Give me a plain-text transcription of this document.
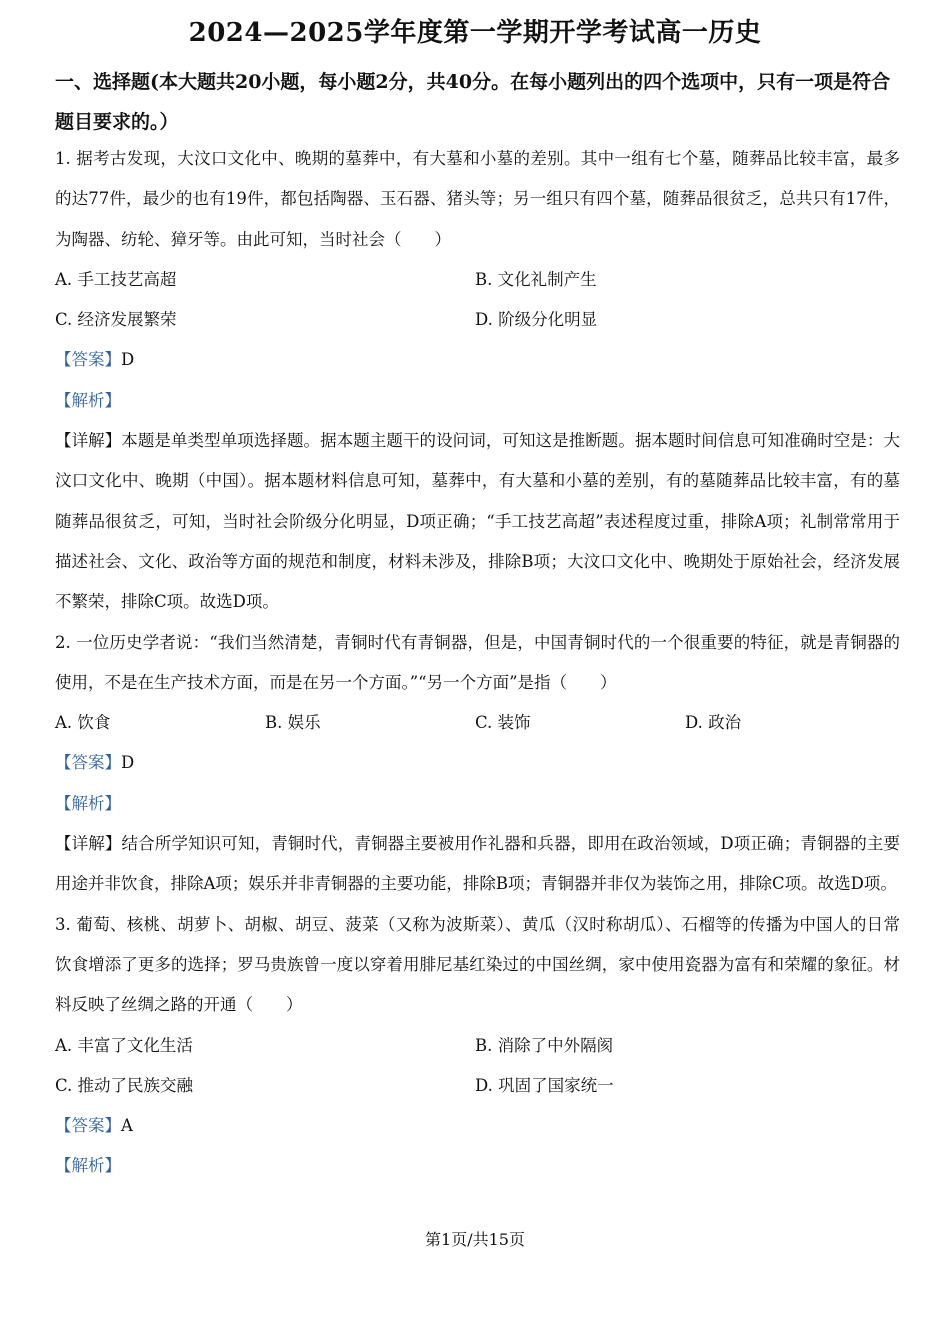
2024—2025学年度第一学期开学考试高一历史
一、选择题(本大题共20小题，每小题2分，共40分。在每小题列出的四个选项中，只有一项是符合题目要求的。）

1. 据考古发现，大汶口文化中、晚期的墓葬中，有大墓和小墓的差别。其中一组有七个墓，随葬品比较丰富，最多的达77件，最少的也有19件，都包括陶器、玉石器、猪头等；另一组只有四个墓，随葬品很贫乏，总共只有17件，为陶器、纺轮、獐牙等。由此可知，当时社会（　　）

A. 手工技艺高超	B. 文化礼制产生
C. 经济发展繁荣	D. 阶级分化明显

【答案】D

【解析】

【详解】本题是单类型单项选择题。据本题主题干的设问词，可知这是推断题。据本题时间信息可知准确时空是：大汶口文化中、晚期（中国）。据本题材料信息可知，墓葬中，有大墓和小墓的差别，有的墓随葬品比较丰富，有的墓随葬品很贫乏，可知，当时社会阶级分化明显，D项正确；“手工技艺高超”表述程度过重，排除A项；礼制常常用于描述社会、文化、政治等方面的规范和制度，材料未涉及，排除B项；大汶口文化中、晚期处于原始社会，经济发展不繁荣，排除C项。故选D项。

2. 一位历史学者说：“我们当然清楚，青铜时代有青铜器，但是，中国青铜时代的一个很重要的特征，就是青铜器的使用，不是在生产技术方面，而是在另一个方面。”“另一个方面”是指（　　）

A. 饮食	B. 娱乐	C. 装饰	D. 政治

【答案】D

【解析】

【详解】结合所学知识可知，青铜时代，青铜器主要被用作礼器和兵器，即用在政治领域，D项正确；青铜器的主要用途并非饮食，排除A项；娱乐并非青铜器的主要功能，排除B项；青铜器并非仅为装饰之用，排除C项。故选D项。

3. 葡萄、核桃、胡萝卜、胡椒、胡豆、菠菜（又称为波斯菜）、黄瓜（汉时称胡瓜）、石榴等的传播为中国人的日常饮食增添了更多的选择；罗马贵族曾一度以穿着用腓尼基红染过的中国丝绸，家中使用瓷器为富有和荣耀的象征。材料反映了丝绸之路的开通（　　）

A. 丰富了文化生活	B. 消除了中外隔阂
C. 推动了民族交融	D. 巩固了国家统一

【答案】A

【解析】

第1页/共15页
